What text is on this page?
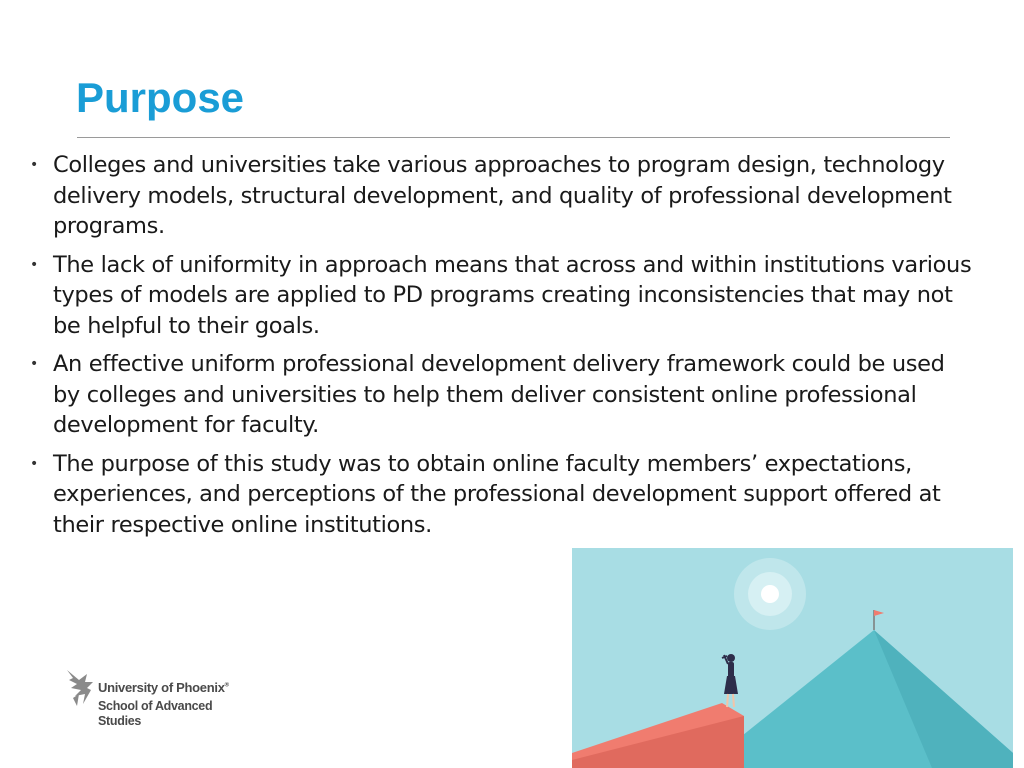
Purpose
• Colleges and universities take various approaches to program design, technology delivery models, structural development, and quality of professional development programs.
• The lack of uniformity in approach means that across and within institutions various types of models are applied to PD programs creating inconsistencies that may not be helpful to their goals.
• An effective uniform professional development delivery framework could be used by colleges and universities to help them deliver consistent online professional development for faculty.
• The purpose of this study was to obtain online faculty members’ expectations, experiences, and perceptions of the professional development support offered at their respective online institutions.
University of Phoenix®
School of Advanced Studies
